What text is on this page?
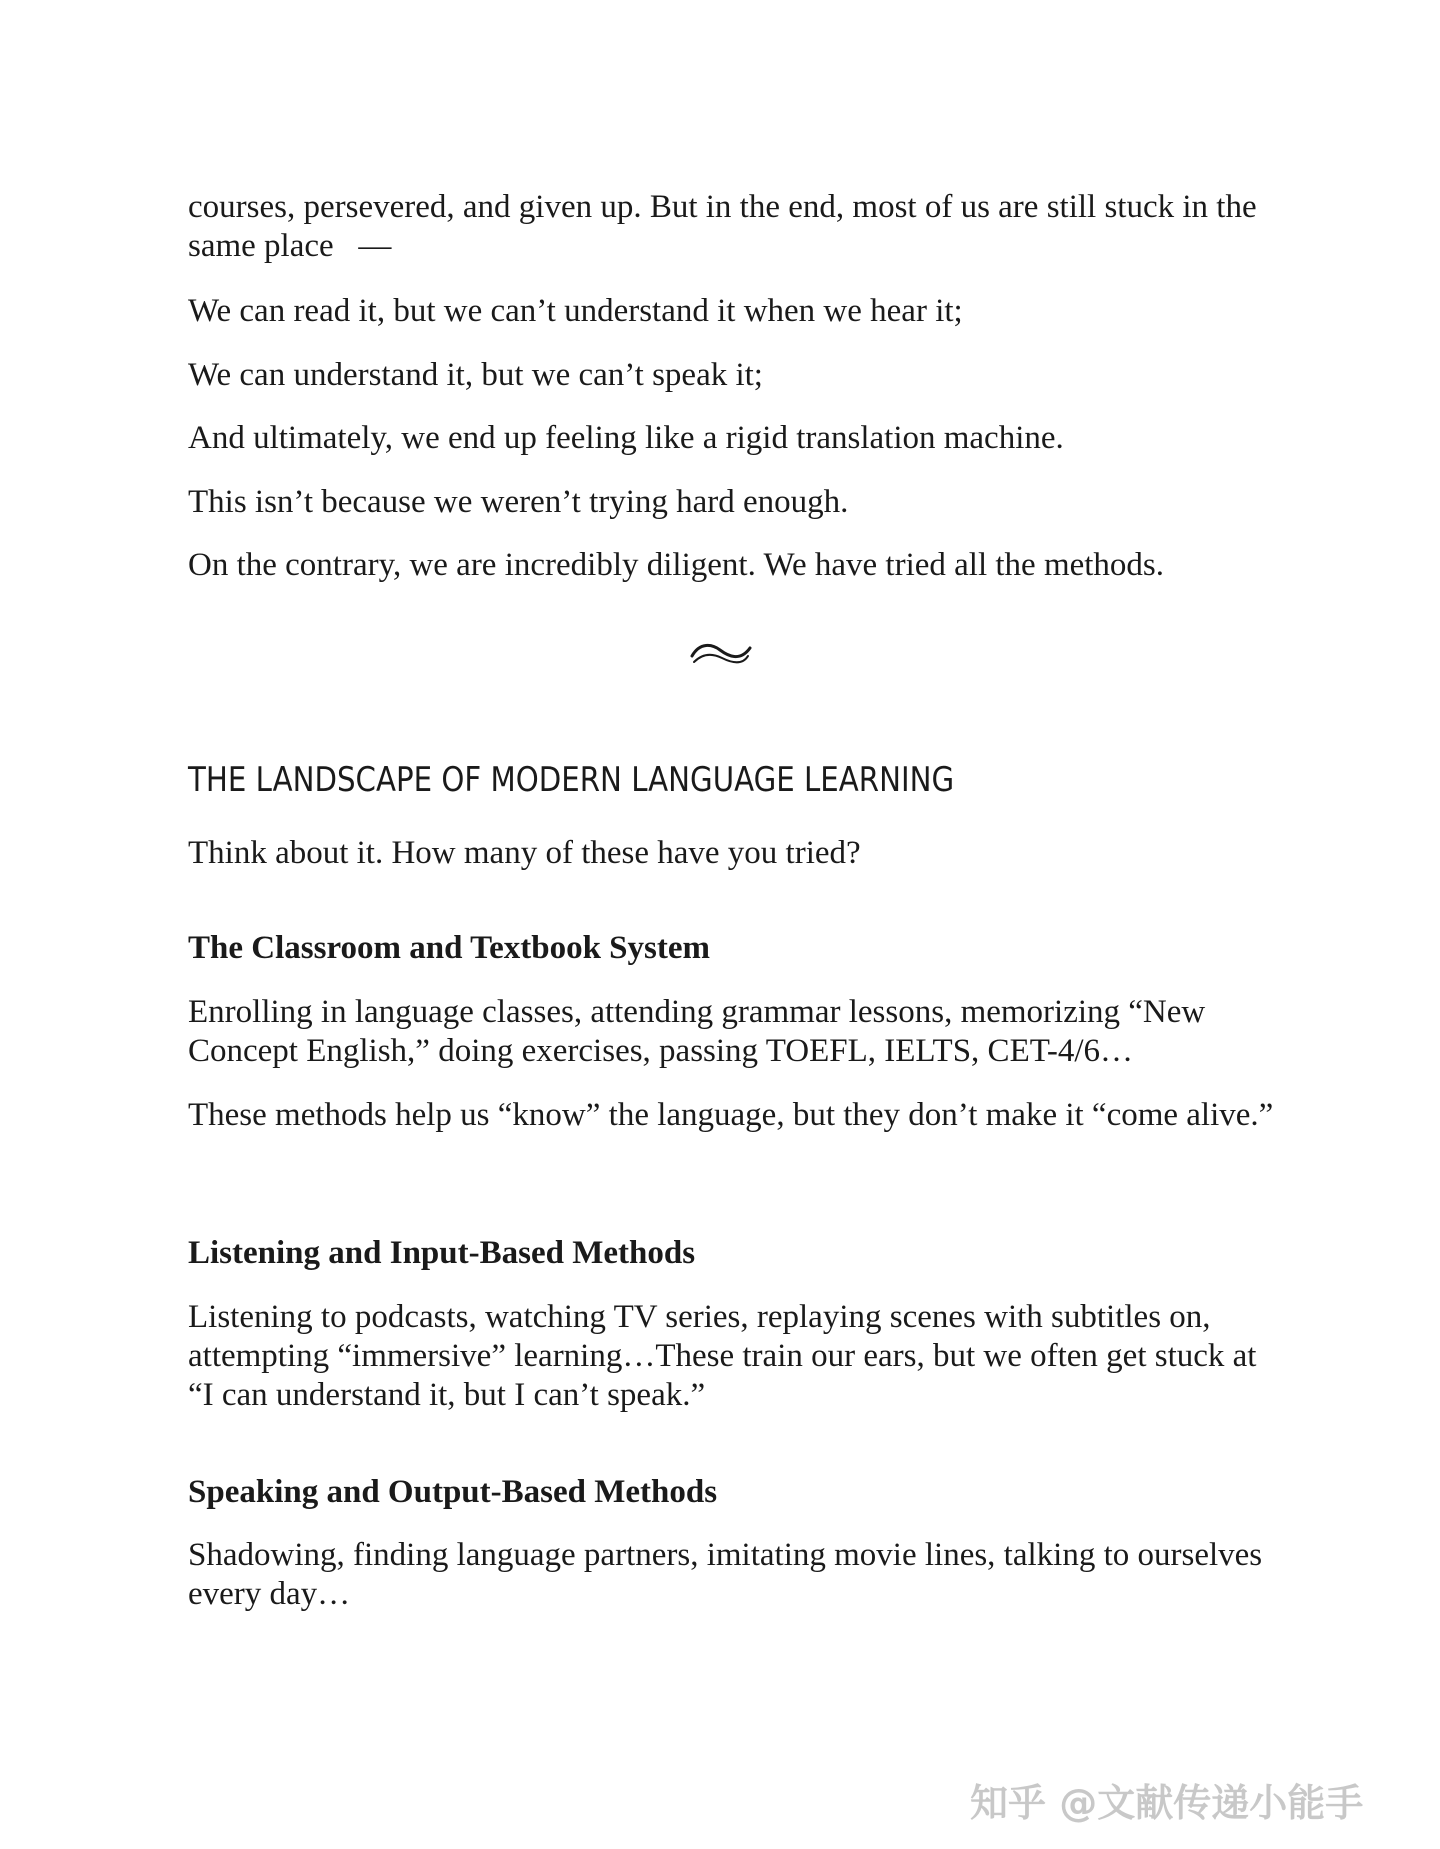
courses, persevered, and given up. But in the end, most of us are still stuck in the same place   —

We can read it, but we can’t understand it when we hear it;

We can understand it, but we can’t speak it;

And ultimately, we end up feeling like a rigid translation machine.

This isn’t because we weren’t trying hard enough.

On the contrary, we are incredibly diligent. We have tried all the methods.

THE LANDSCAPE OF MODERN LANGUAGE LEARNING

Think about it. How many of these have you tried?

The Classroom and Textbook System

Enrolling in language classes, attending grammar lessons, memorizing “New Concept English,” doing exercises, passing TOEFL, IELTS, CET-4/6…

These methods help us “know” the language, but they don’t make it “come alive.”

Listening and Input-Based Methods

Listening to podcasts, watching TV series, replaying scenes with subtitles on, attempting “immersive” learning…These train our ears, but we often get stuck at “I can understand it, but I can’t speak.”

Speaking and Output-Based Methods

Shadowing, finding language partners, imitating movie lines, talking to ourselves every day…

知乎 @文献传递小能手
